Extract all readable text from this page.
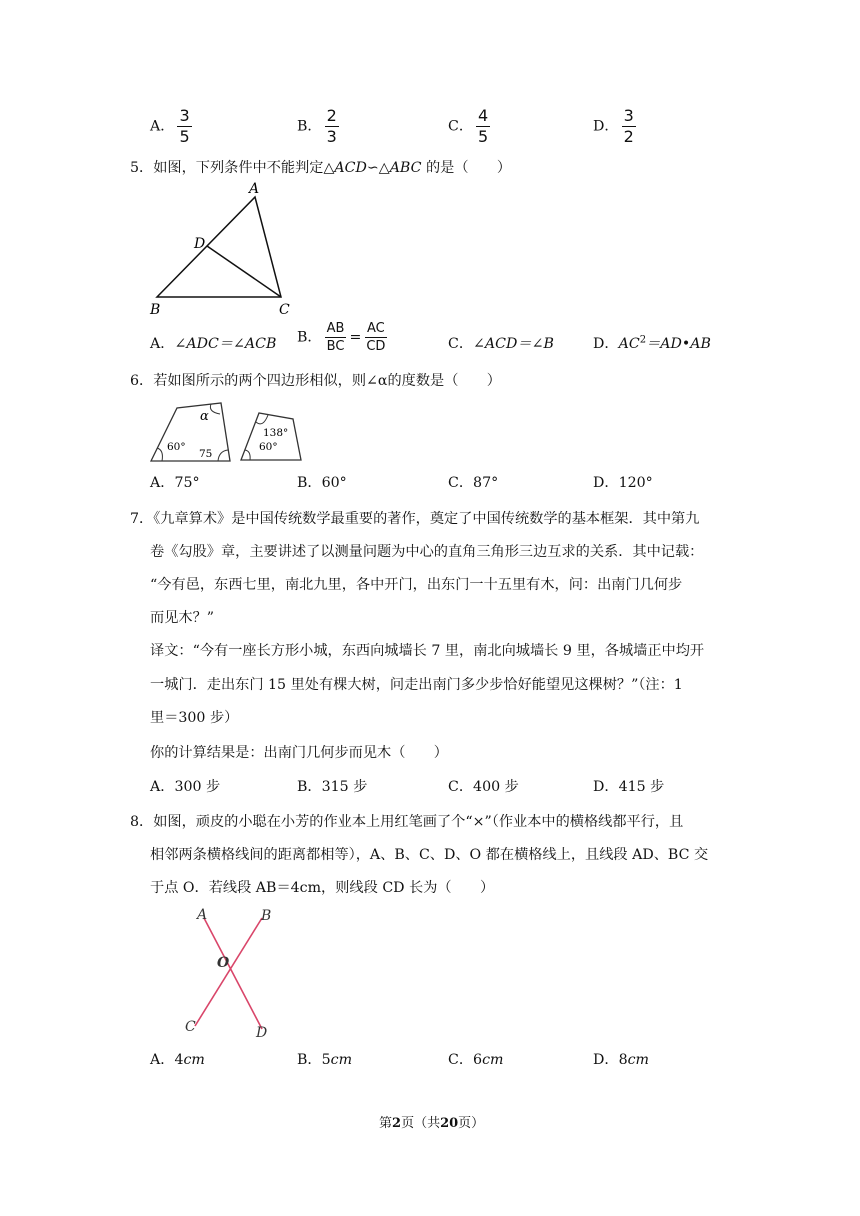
A． $\frac{3}{5}$	B． $\frac{2}{3}$	C． $\frac{4}{5}$	D． $\frac{3}{2}$
5．如图，下列条件中不能判定△ACD∽△ABC 的是（　　）
A
B	C
D
A．∠ADC＝∠ACB B． $\frac{AB}{BC} = \frac{AC}{CD}$	C．∠ACD＝∠B	D．$AC^2=AD•AB$
6．若如图所示的两个四边形相似，则∠α的度数是（　　）
α
60°
75
138°
60°
A．75°	B．60°	C．87°	D．120°
7．《九章算术》是中国传统数学最重要的著作，奠定了中国传统数学的基本框架．其中第九
卷《勾股》章，主要讲述了以测量问题为中心的直角三角形三边互求的关系．其中记载：
“今有邑，东西七里，南北九里，各中开门，出东门一十五里有木，问：出南门几何步
而见木？”
译文：“今有一座长方形小城，东西向城墙长 7 里，南北向城墙长 9 里，各城墙正中均开
一城门．走出东门 15 里处有棵大树，问走出南门多少步恰好能望见这棵树？”（注：1
里＝300 步）
你的计算结果是：出南门几何步而见木（　　）
A．300 步	B．315 步	C．400 步	D．415 步
8．如图，顽皮的小聪在小芳的作业本上用红笔画了个“×”（作业本中的横格线都平行，且
相邻两条横格线间的距离都相等），A、B、C、D、O 都在横格线上，且线段 AD、BC 交
于点 O．若线段 AB＝4cm，则线段 CD 长为（　　）
A	B
O
C	D
A．4cm	B．5cm	C．6cm	D．8cm
第2页（共20页）
